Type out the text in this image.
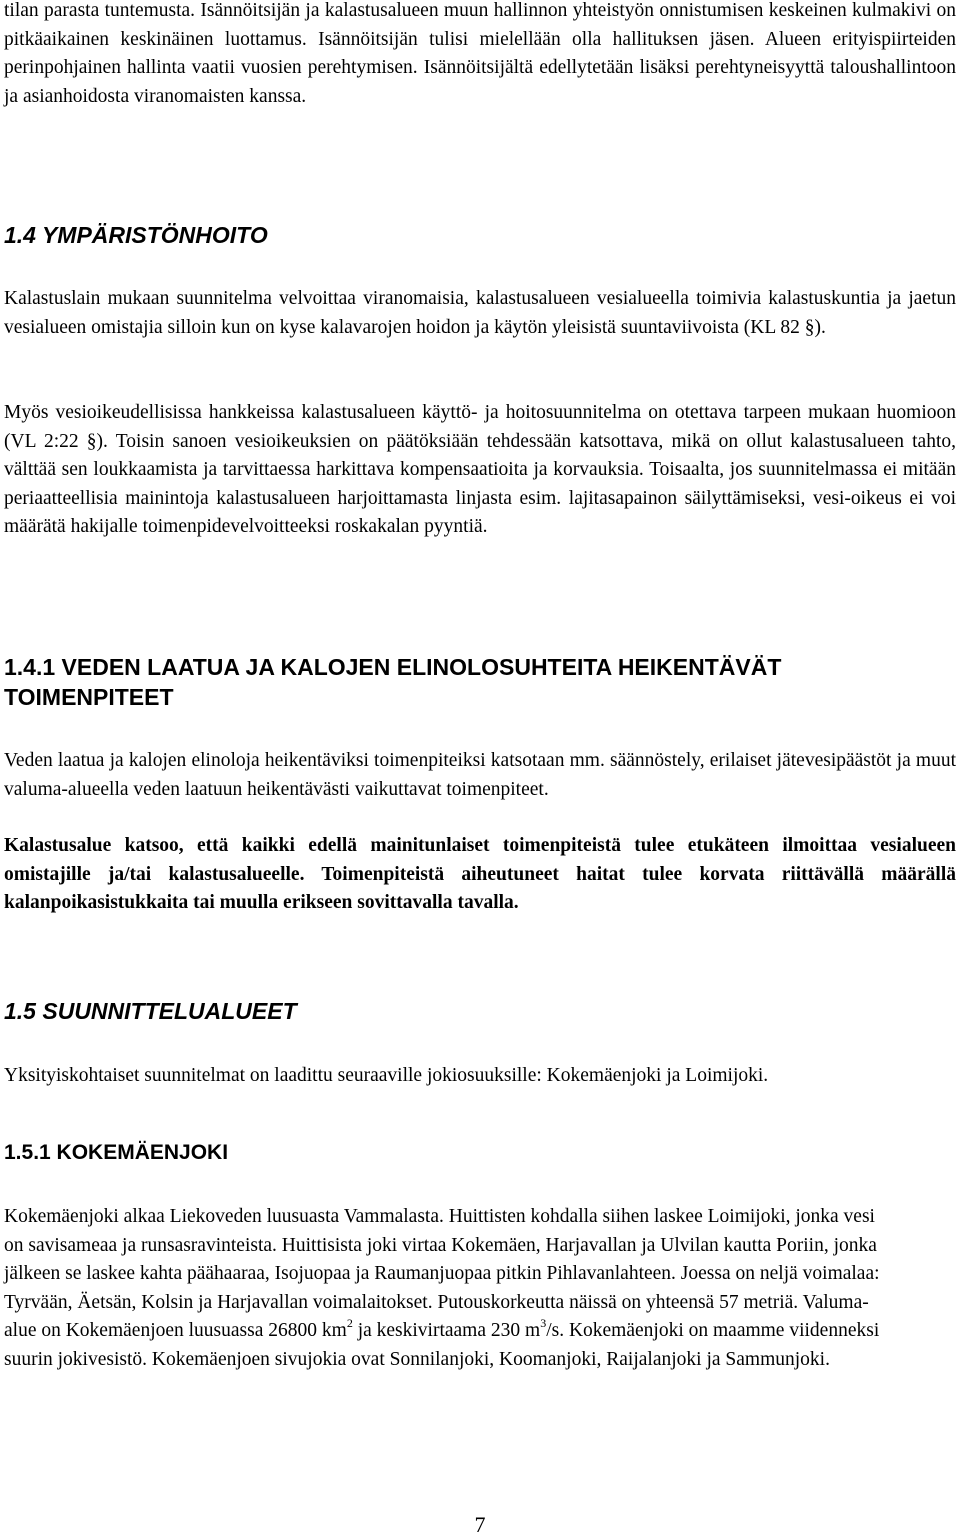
tilan parasta tuntemusta. Isännöitsijän ja kalastusalueen muun hallinnon yhteistyön onnistumisen keskeinen kulmakivi on pitkäaikainen keskinäinen luottamus. Isännöitsijän tulisi mielellään olla hallituksen jäsen. Alueen erityispiirteiden perinpohjainen hallinta vaatii vuosien perehtymisen. Isännöitsijältä edellytetään lisäksi perehtyneisyyttä taloushallintoon ja asianhoidosta viranomaisten kanssa.

1.4 YMPÄRISTÖNHOITO

Kalastuslain mukaan suunnitelma velvoittaa viranomaisia, kalastusalueen vesialueella toimivia kalastuskuntia ja jaetun vesialueen omistajia silloin kun on kyse kalavarojen hoidon ja käytön yleisistä suuntaviivoista (KL 82 §).

Myös vesioikeudellisissa hankkeissa kalastusalueen käyttö- ja hoitosuunnitelma on otettava tarpeen mukaan huomioon (VL 2:22 §). Toisin sanoen vesioikeuksien on päätöksiään tehdessään katsottava, mikä on ollut kalastusalueen tahto, välttää sen loukkaamista ja tarvittaessa harkittava kompensaatioita ja korvauksia. Toisaalta, jos suunnitelmassa ei mitään periaatteellisia mainintoja kalastusalueen harjoittamasta linjasta esim. lajitasapainon säilyttämiseksi, vesi-oikeus ei voi määrätä hakijalle toimenpidevelvoitteeksi roskakalan pyyntiä.

1.4.1 VEDEN LAATUA JA KALOJEN ELINOLOSUHTEITA HEIKENTÄVÄT
TOIMENPITEET

Veden laatua ja kalojen elinoloja heikentäviksi toimenpiteiksi katsotaan mm. säännöstely, erilaiset jätevesipäästöt ja muut valuma-alueella veden laatuun heikentävästi vaikuttavat toimenpiteet.

Kalastusalue katsoo, että kaikki edellä mainitunlaiset toimenpiteistä tulee etukäteen ilmoittaa vesialueen omistajille ja/tai kalastusalueelle. Toimenpiteistä aiheutuneet haitat tulee korvata riittävällä määrällä kalanpoikasistukkaita tai muulla erikseen sovittavalla tavalla.

1.5 SUUNNITTELUALUEET

Yksityiskohtaiset suunnitelmat on laadittu seuraaville jokiosuuksille: Kokemäenjoki ja Loimijoki.

1.5.1 KOKEMÄENJOKI

Kokemäenjoki alkaa Liekoveden luusuasta Vammalasta. Huittisten kohdalla siihen laskee Loimijoki, jonka vesi on savisameaa ja runsasravinteista. Huittisista joki virtaa Kokemäen, Harjavallan ja Ulvilan kautta Poriin, jonka jälkeen se laskee kahta päähaaraa, Isojuopaa ja Raumanjuopaa pitkin Pihlavanlahteen. Joessa on neljä voimalaa: Tyrvään, Äetsän, Kolsin ja Harjavallan voimalaitokset. Putouskorkeutta näissä on yhteensä 57 metriä. Valuma-alue on Kokemäenjoen luusuassa 26800 $km^2$ ja keskivirtaama 230 $m^3/s$. Kokemäenjoki on maamme viidenneksi suurin jokivesistö. Kokemäenjoen sivujokia ovat Sonnilanjoki, Koomanjoki, Raijalanjoki ja Sammunjoki.

7
